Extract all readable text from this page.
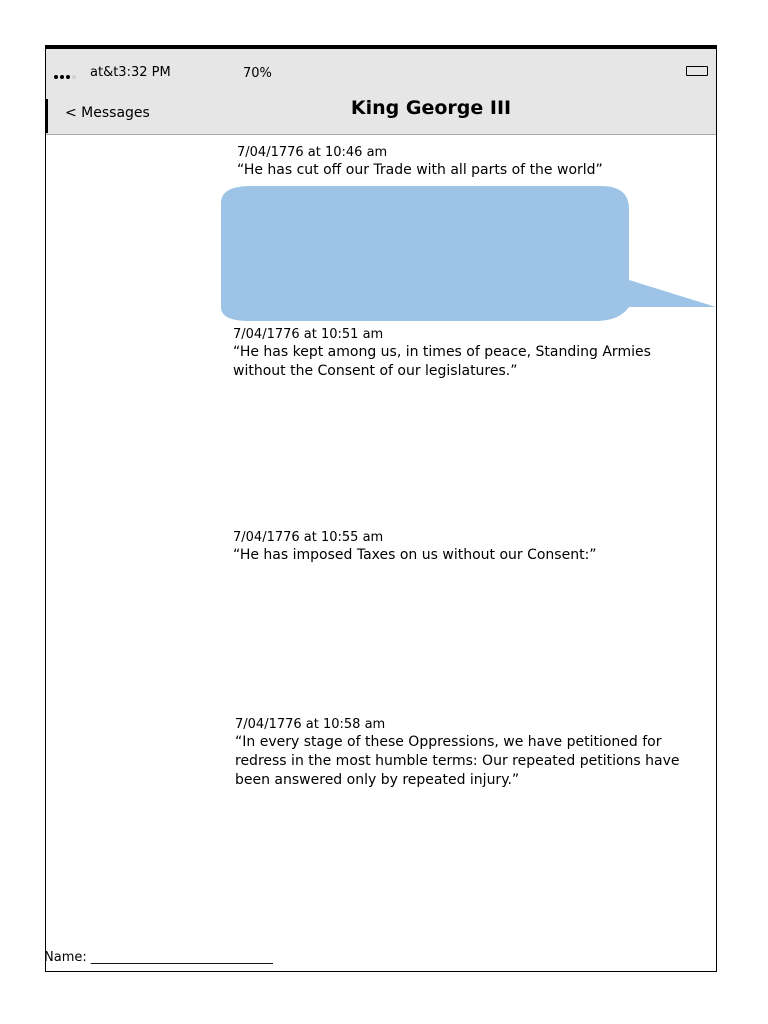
at&t3:32 PM	70%
< Messages	King George III
7/04/1776 at 10:46 am
“He has cut off our Trade with all parts of the world”
7/04/1776 at 10:51 am
“He has kept among us, in times of peace, Standing Armies without the Consent of our legislatures.”
7/04/1776 at 10:55 am
“He has imposed Taxes on us without our Consent:”
7/04/1776 at 10:58 am
“In every stage of these Oppressions, we have petitioned for redress in the most humble terms: Our repeated petitions have been answered only by repeated injury.”
Name: ____________________________
